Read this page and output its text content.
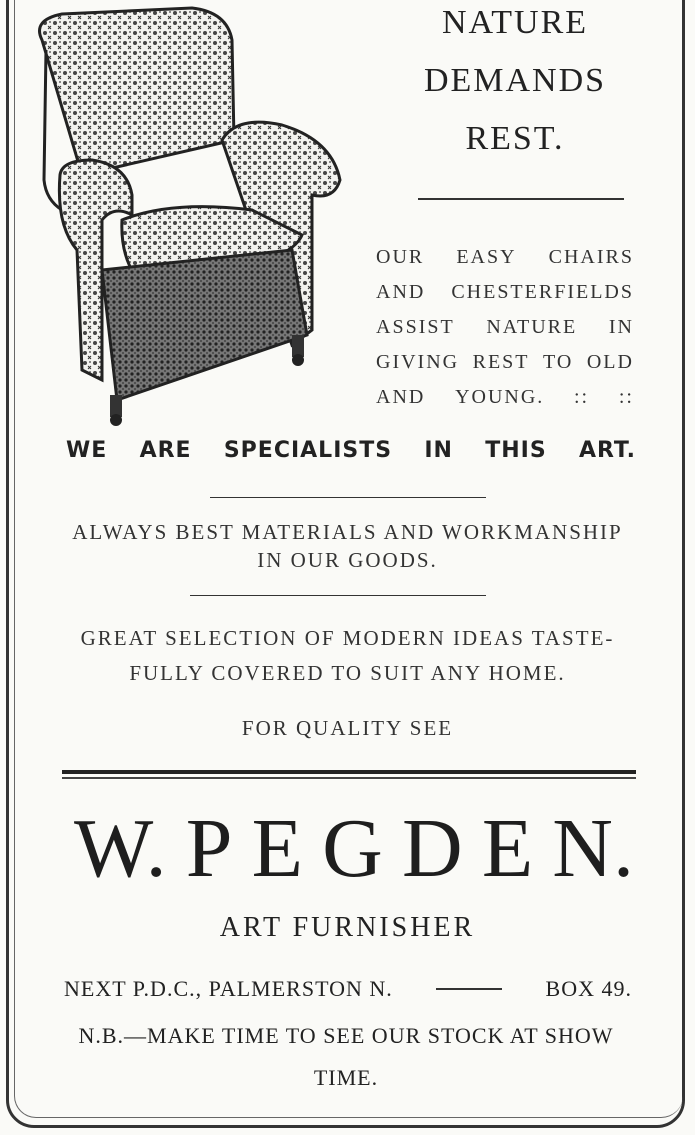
NATURE
DEMANDS
REST.
OUR EASY CHAIRS
AND CHESTERFIELDS
ASSIST NATURE IN
GIVING REST TO OLD
AND YOUNG. :: ::
WE ARE SPECIALISTS IN THIS ART.
ALWAYS BEST MATERIALS AND WORKMANSHIP
IN OUR GOODS.
GREAT SELECTION OF MODERN IDEAS TASTE-
FULLY COVERED TO SUIT ANY HOME.
FOR QUALITY SEE
W. P E G D E N.
ART FURNISHER
NEXT P.D.C., PALMERSTON N.	BOX 49.
N.B.—MAKE TIME TO SEE OUR STOCK AT SHOW
TIME.
